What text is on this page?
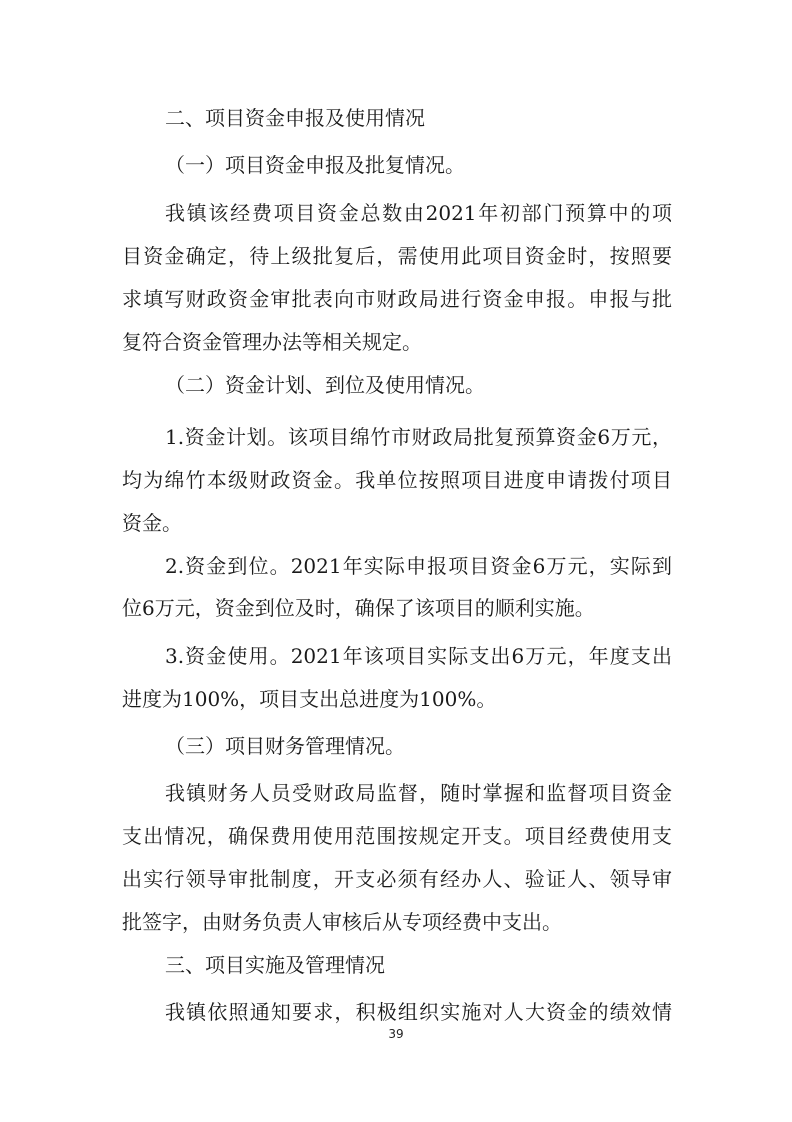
二、项目资金申报及使用情况

（一）项目资金申报及批复情况。

我镇该经费项目资金总数由2021年初部门预算中的项

目资金确定，待上级批复后，需使用此项目资金时，按照要

求填写财政资金审批表向市财政局进行资金申报。申报与批

复符合资金管理办法等相关规定。

（二）资金计划、到位及使用情况。

1.资金计划。该项目绵竹市财政局批复预算资金6万元，

均为绵竹本级财政资金。我单位按照项目进度申请拨付项目

资金。

2.资金到位。2021年实际申报项目资金6万元，实际到

位6万元，资金到位及时，确保了该项目的顺利实施。

3.资金使用。2021年该项目实际支出6万元，年度支出

进度为100%，项目支出总进度为100%。

（三）项目财务管理情况。

我镇财务人员受财政局监督，随时掌握和监督项目资金

支出情况，确保费用使用范围按规定开支。项目经费使用支

出实行领导审批制度，开支必须有经办人、验证人、领导审

批签字，由财务负责人审核后从专项经费中支出。

三、项目实施及管理情况

我镇依照通知要求，积极组织实施对人大资金的绩效情

39
